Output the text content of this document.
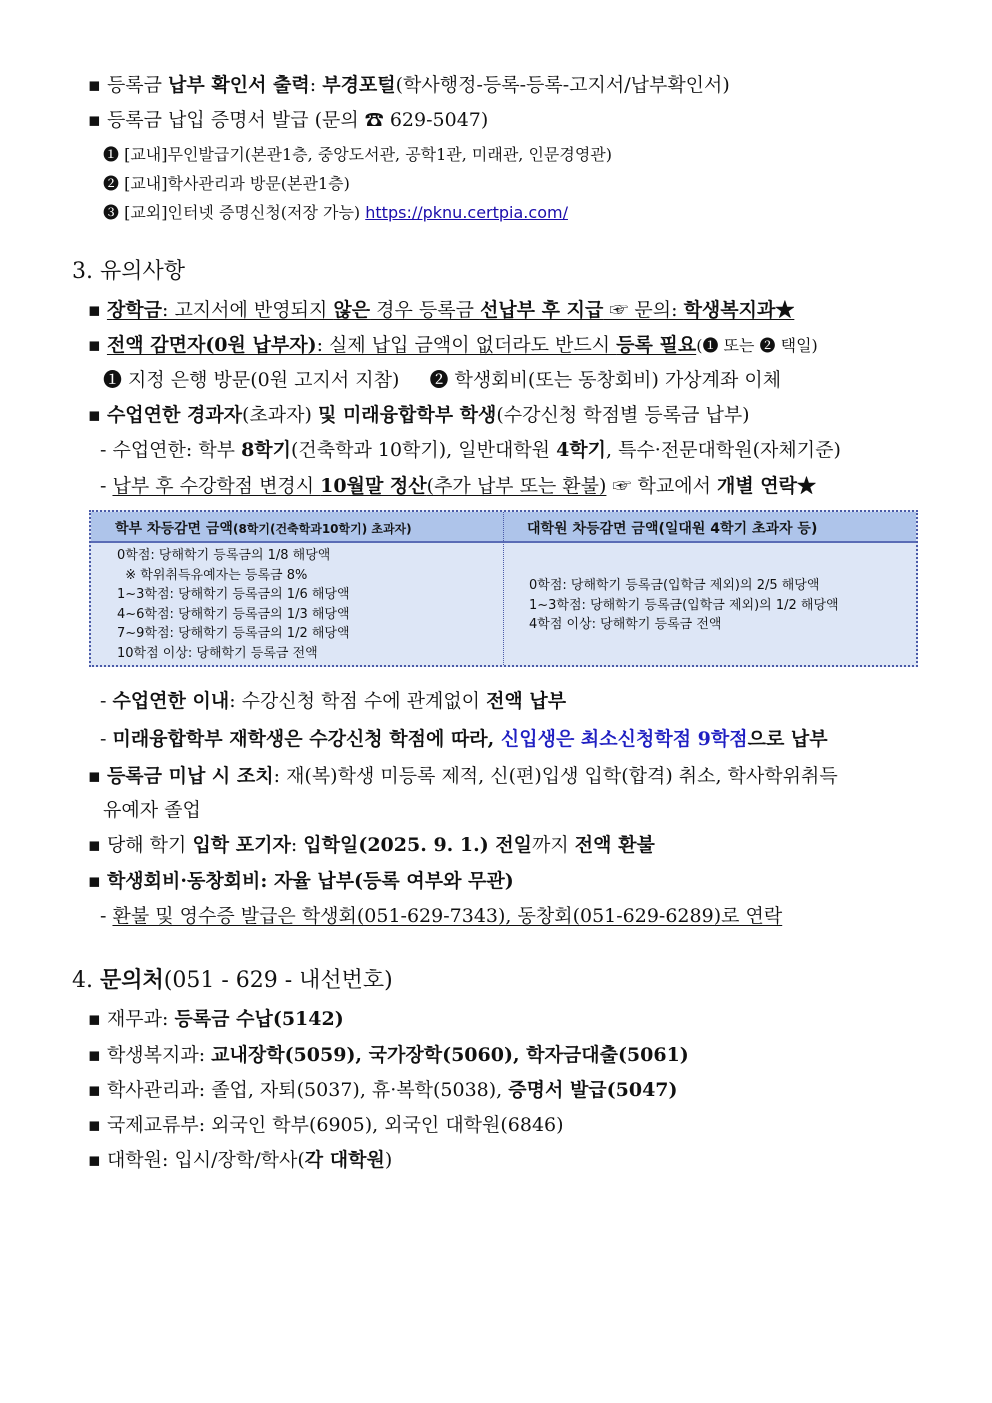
▪ 등록금 납부 확인서 출력: 부경포털(학사행정-등록-등록-고지서/납부확인서)
▪ 등록금 납입 증명서 발급 (문의 ☎ 629-5047)
❶ [교내]무인발급기(본관1층, 중앙도서관, 공학1관, 미래관, 인문경영관)
❷ [교내]학사관리과 방문(본관1층)
❸ [교외]인터넷 증명신청(저장 가능) https://pknu.certpia.com/
3. 유의사항
▪ 장학금: 고지서에 반영되지 않은 경우 등록금 선납부 후 지급 ☞ 문의: 학생복지과★
▪ 전액 감면자(0원 납부자): 실제 납입 금액이 없더라도 반드시 등록 필요(❶ 또는 ❷ 택일)
❶ 지정 은행 방문(0원 고지서 지참) ❷ 학생회비(또는 동창회비) 가상계좌 이체
▪ 수업연한 경과자(초과자) 및 미래융합학부 학생(수강신청 학점별 등록금 납부)
- 수업연한: 학부 8학기(건축학과 10학기), 일반대학원 4학기, 특수·전문대학원(자체기준)
- 납부 후 수강학점 변경시 10월말 정산(추가 납부 또는 환불) ☞ 학교에서 개별 연락★
학부 차등감면 금액(8학기(건축학과10학기) 초과자)	대학원 차등감면 금액(일대원 4학기 초과자 등)
0학점: 당해학기 등록금의 1/8 해당액
※ 학위취득유예자는 등록금 8%
1~3학점: 당해학기 등록금의 1/6 해당액
4~6학점: 당해학기 등록금의 1/3 해당액
7~9학점: 당해학기 등록금의 1/2 해당액
10학점 이상: 당해학기 등록금 전액
0학점: 당해학기 등록금(입학금 제외)의 2/5 해당액
1~3학점: 당해학기 등록금(입학금 제외)의 1/2 해당액
4학점 이상: 당해학기 등록금 전액
- 수업연한 이내: 수강신청 학점 수에 관계없이 전액 납부
- 미래융합학부 재학생은 수강신청 학점에 따라, 신입생은 최소신청학점 9학점으로 납부
▪ 등록금 미납 시 조치: 재(복)학생 미등록 제적, 신(편)입생 입학(합격) 취소, 학사학위취득
유예자 졸업
▪ 당해 학기 입학 포기자: 입학일(2025. 9. 1.) 전일까지 전액 환불
▪ 학생회비·동창회비: 자율 납부(등록 여부와 무관)
- 환불 및 영수증 발급은 학생회(051-629-7343), 동창회(051-629-6289)로 연락
4. 문의처(051 - 629 - 내선번호)
▪ 재무과: 등록금 수납(5142)
▪ 학생복지과: 교내장학(5059), 국가장학(5060), 학자금대출(5061)
▪ 학사관리과: 졸업, 자퇴(5037), 휴·복학(5038), 증명서 발급(5047)
▪ 국제교류부: 외국인 학부(6905), 외국인 대학원(6846)
▪ 대학원: 입시/장학/학사(각 대학원)
